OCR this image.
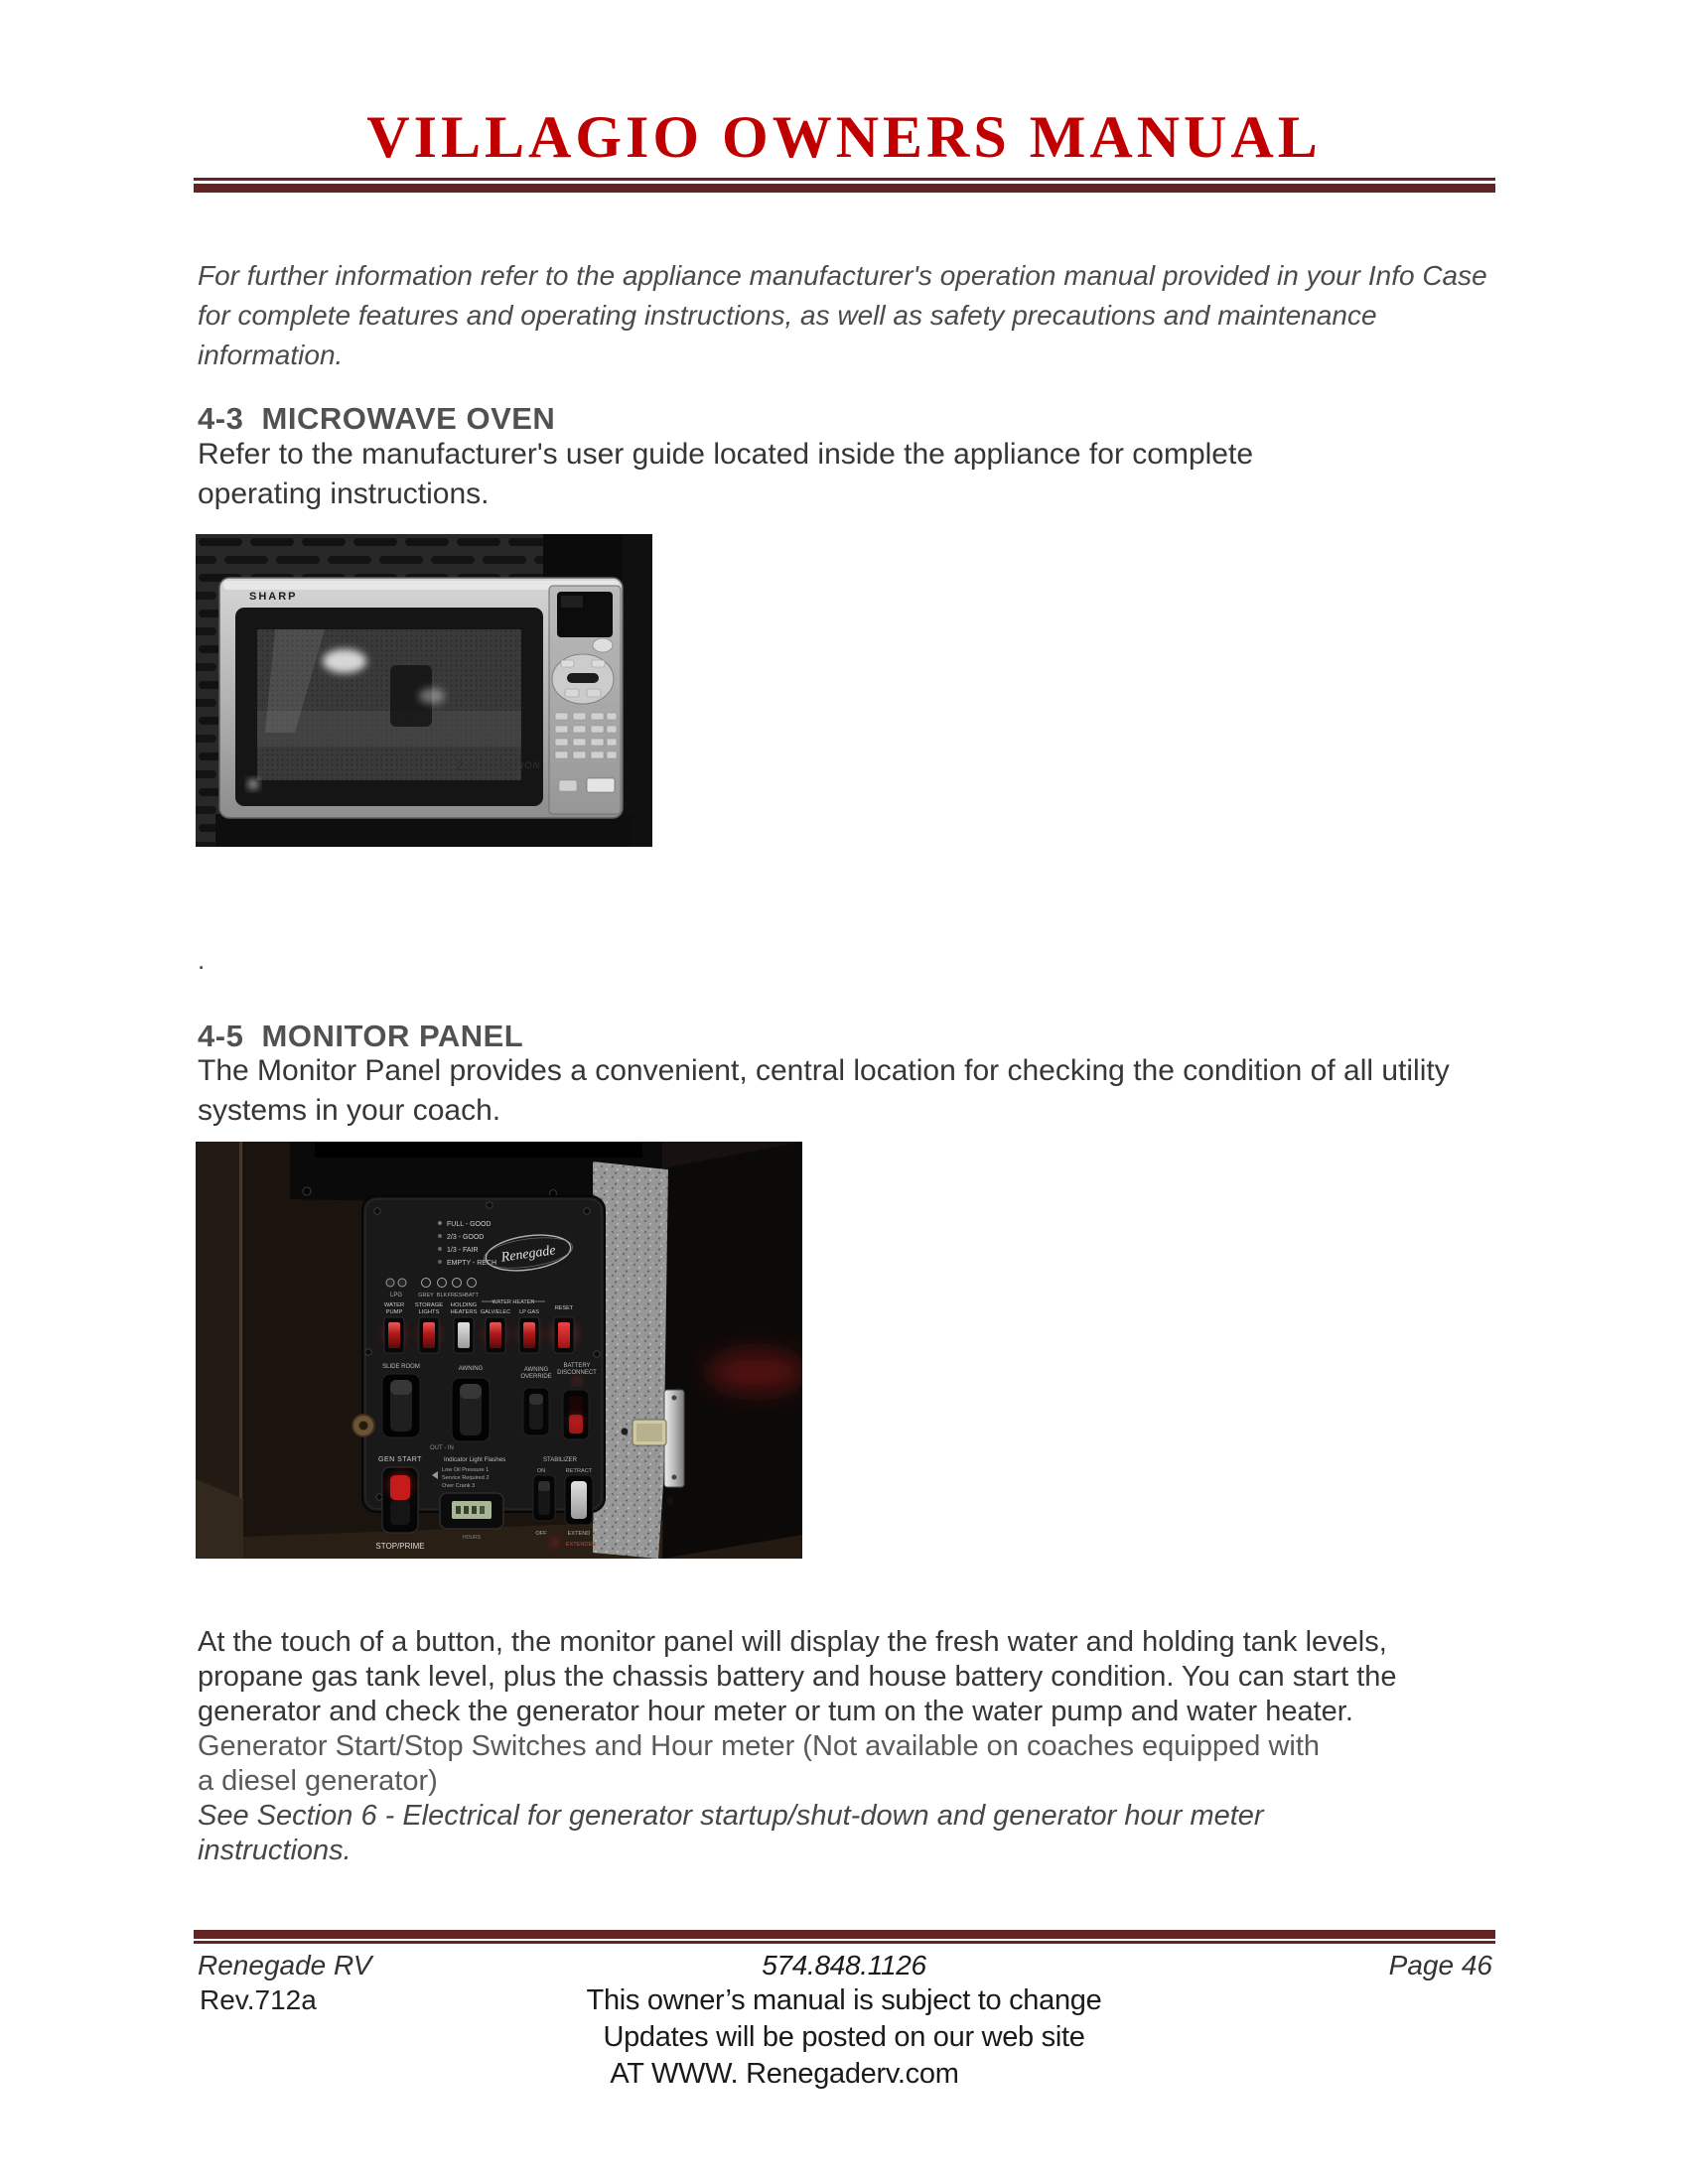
VILLAGIO OWNERS MANUAL
For further information refer to the appliance manufacturer's operation manual provided in your Info Case
for complete features and operating instructions, as well as safety precautions and maintenance
information.
4-3  MICROWAVE OVEN
Refer to the manufacturer's user guide located inside the appliance for complete
operating instructions.
SHARP
2 CONVECTION
.
4-5  MONITOR PANEL
The Monitor Panel provides a convenient, central location for checking the condition of all utility
systems in your coach.
FULL - GOOD
2/3 - GOOD
1/3 - FAIR
EMPTY - RECH Renegade
LPG	GREY BLK FRESH
BATT
WATER
PUMP
STORAGE
LIGHTS
HOLDING
HEATERS
WATER HEATER
GALV/ELEC LP GAS
RESET
SLIDE ROOM	AWNING	AWNING
OVERRIDE
BATTERY
DISCONNECT
OUT - IN
GEN START
STOP/PRIME
Indicator Light Flashes
Low Oil Pressure 1
Service Required 2
Over Crank 3
HOURS
STABILIZER
ON	RETRACT
OFF	EXTEND
EXTENDED
At the touch of a button, the monitor panel will display the fresh water and holding tank levels,
propane gas tank level, plus the chassis battery and house battery condition. You can start the
generator and check the generator hour meter or tum on the water pump and water heater.
Generator Start/Stop Switches and Hour meter (Not available on coaches equipped with
a diesel generator)
See Section 6 - Electrical for generator startup/shut-down and generator hour meter
instructions.
Renegade RV	574.848.1126	Page 46
Rev.712a	This owner’s manual is subject to change
Updates will be posted on our web site
AT WWW. Renegaderv.com
